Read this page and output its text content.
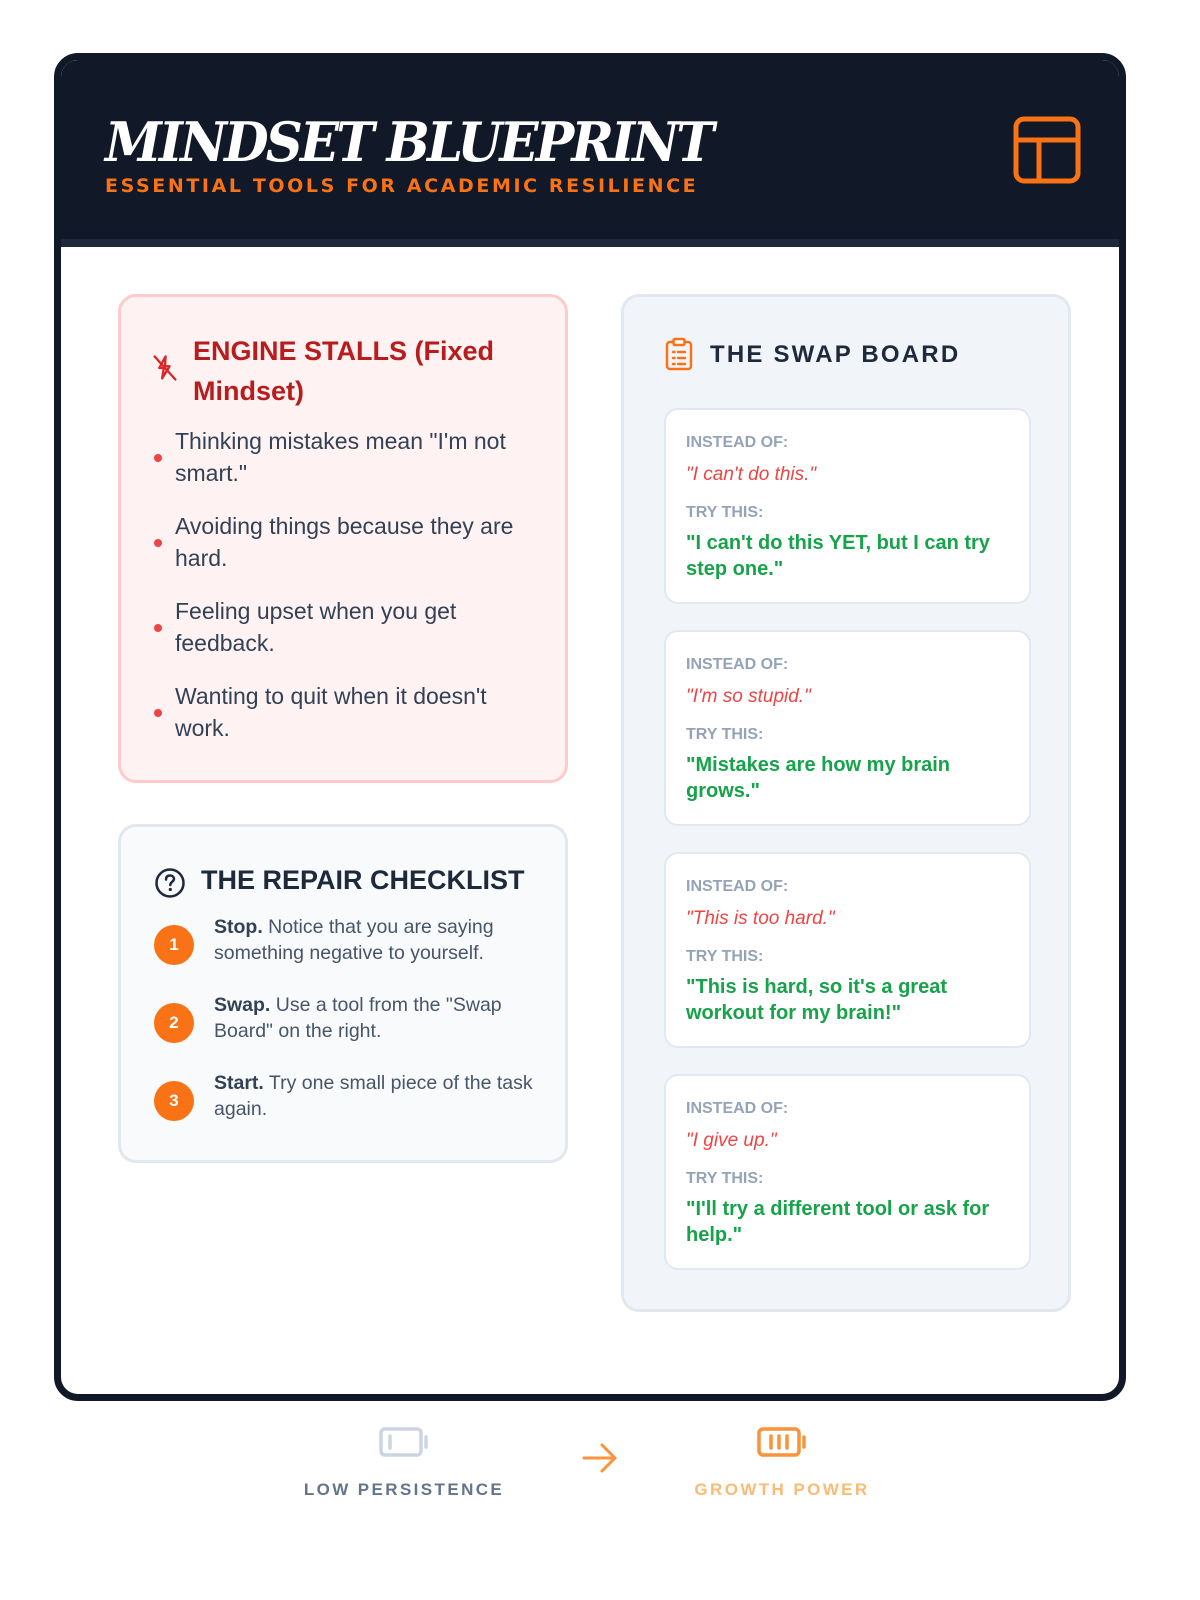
MINDSET BLUEPRINT
ESSENTIAL TOOLS FOR ACADEMIC RESILIENCE
ENGINE STALLS (Fixed Mindset)
Thinking mistakes mean "I'm not smart."
Avoiding things because they are hard.
Feeling upset when you get feedback.
Wanting to quit when it doesn't work.
THE REPAIR CHECKLIST
1
Stop. Notice that you are saying something negative to yourself.
2
Swap. Use a tool from the "Swap Board" on the right.
3
Start. Try one small piece of the task again.
THE SWAP BOARD
INSTEAD OF:
"I can't do this."
TRY THIS:
"I can't do this YET, but I can try step one."
INSTEAD OF:
"I'm so stupid."
TRY THIS:
"Mistakes are how my brain grows."
INSTEAD OF:
"This is too hard."
TRY THIS:
"This is hard, so it's a great workout for my brain!"
INSTEAD OF:
"I give up."
TRY THIS:
"I'll try a different tool or ask for help."
LOW PERSISTENCE	GROWTH POWER
